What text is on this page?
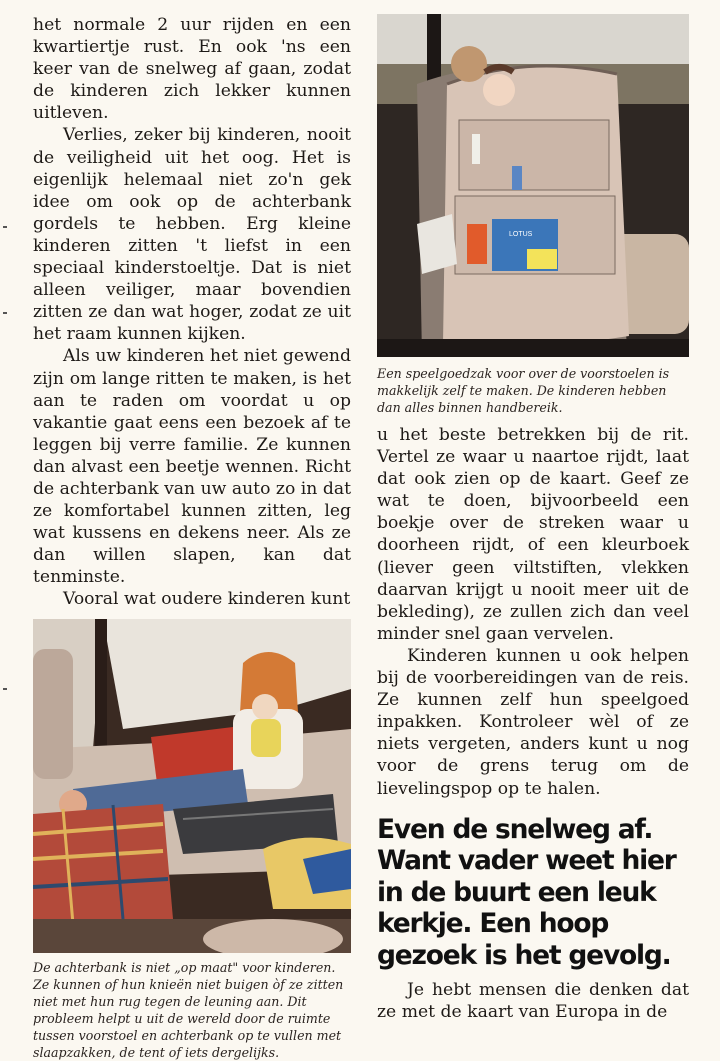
het normale 2 uur rijden en een kwartiertje rust. En ook 'ns een keer van de snelweg af gaan, zodat de kinderen zich lekker kunnen uitleven.

Verlies, zeker bij kinderen, nooit de veiligheid uit het oog. Het is eigenlijk helemaal niet zo'n gek idee om ook op de achterbank gordels te hebben. Erg kleine kinderen zitten 't liefst in een speciaal kinderstoeltje. Dat is niet alleen veiliger, maar bovendien zitten ze dan wat hoger, zodat ze uit het raam kunnen kijken.

Als uw kinderen het niet gewend zijn om lange ritten te maken, is het aan te raden om voordat u op vakantie gaat eens een bezoek af te leggen bij verre familie. Ze kunnen dan alvast een beetje wennen. Richt de achterbank van uw auto zo in dat ze komfortabel kunnen zitten, leg wat kussens en dekens neer. Als ze dan willen slapen, kan dat tenminste.

Vooral wat oudere kinderen kunt

De achterbank is niet „op maat" voor kinderen. Ze kunnen of hun knieën niet buigen òf ze zitten niet met hun rug tegen de leuning aan. Dit probleem helpt u uit de wereld door de ruimte tussen voorstoel en achterbank op te vullen met slaapzakken, de tent of iets dergelijks.

LOTUS

Een speelgoedzak voor over de voorstoelen is makkelijk zelf te maken. De kinderen hebben dan alles binnen handbereik.

u het beste betrekken bij de rit. Vertel ze waar u naartoe rijdt, laat dat ook zien op de kaart. Geef ze wat te doen, bijvoorbeeld een boekje over de streken waar u doorheen rijdt, of een kleurboek (liever geen viltstiften, vlekken daarvan krijgt u nooit meer uit de bekleding), ze zullen zich dan veel minder snel gaan vervelen.

Kinderen kunnen u ook helpen bij de voorbereidingen van de reis. Ze kunnen zelf hun speelgoed inpakken. Kontroleer wèl of ze niets vergeten, anders kunt u nog voor de grens terug om de lievelingspop op te halen.

Even de snelweg af. Want vader weet hier in de buurt een leuk kerkje. Een hoop gezoek is het gevolg.

Je hebt mensen die denken dat ze met de kaart van Europa in de
